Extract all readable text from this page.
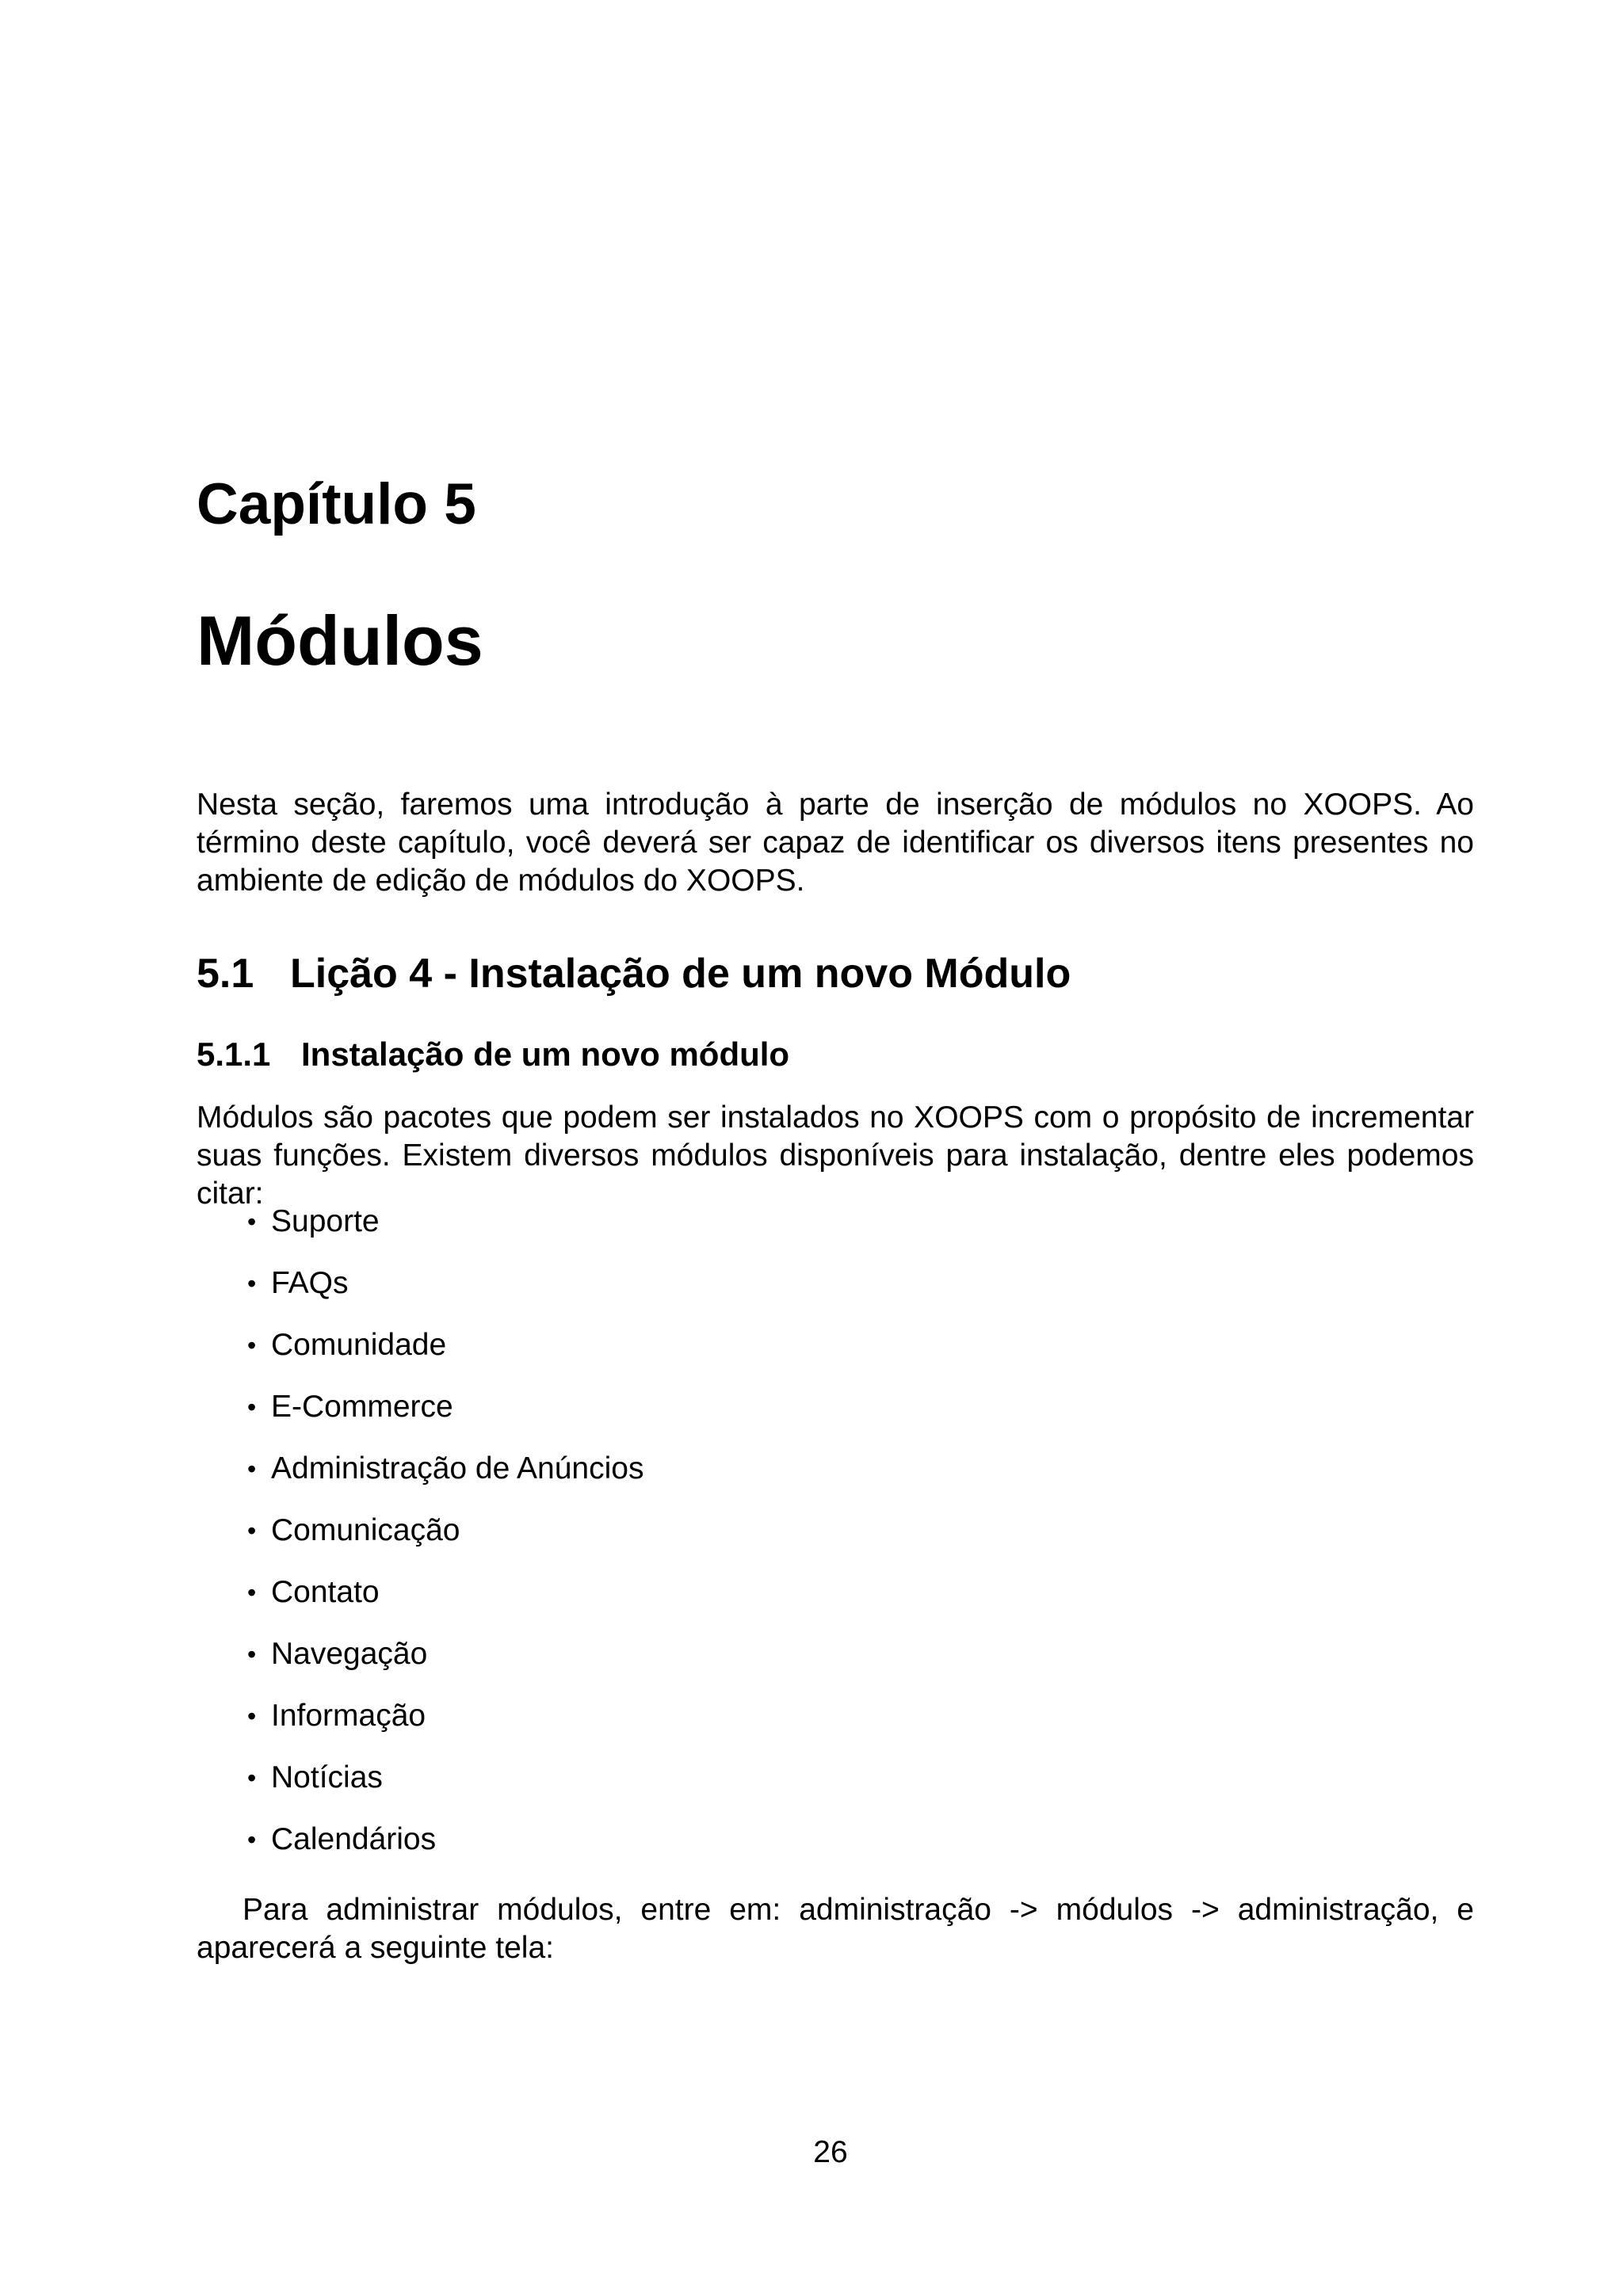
Capítulo 5
Módulos

Nesta seção, faremos uma introdução à parte de inserção de módulos no XOOPS. Ao término deste capítulo, você deverá ser capaz de identificar os diversos itens presentes no ambiente de edição de módulos do XOOPS.

5.1 Lição 4 - Instalação de um novo Módulo
5.1.1 Instalação de um novo módulo

Módulos são pacotes que podem ser instalados no XOOPS com o propósito de incrementar suas funções. Existem diversos módulos disponíveis para instalação, dentre eles podemos citar:

• Suporte
• FAQs
• Comunidade
• E-Commerce
• Administração de Anúncios
• Comunicação
• Contato
• Navegação
• Informação
• Notícias
• Calendários

Para administrar módulos, entre em: administração -> módulos -> administração, e aparecerá a seguinte tela:

26
